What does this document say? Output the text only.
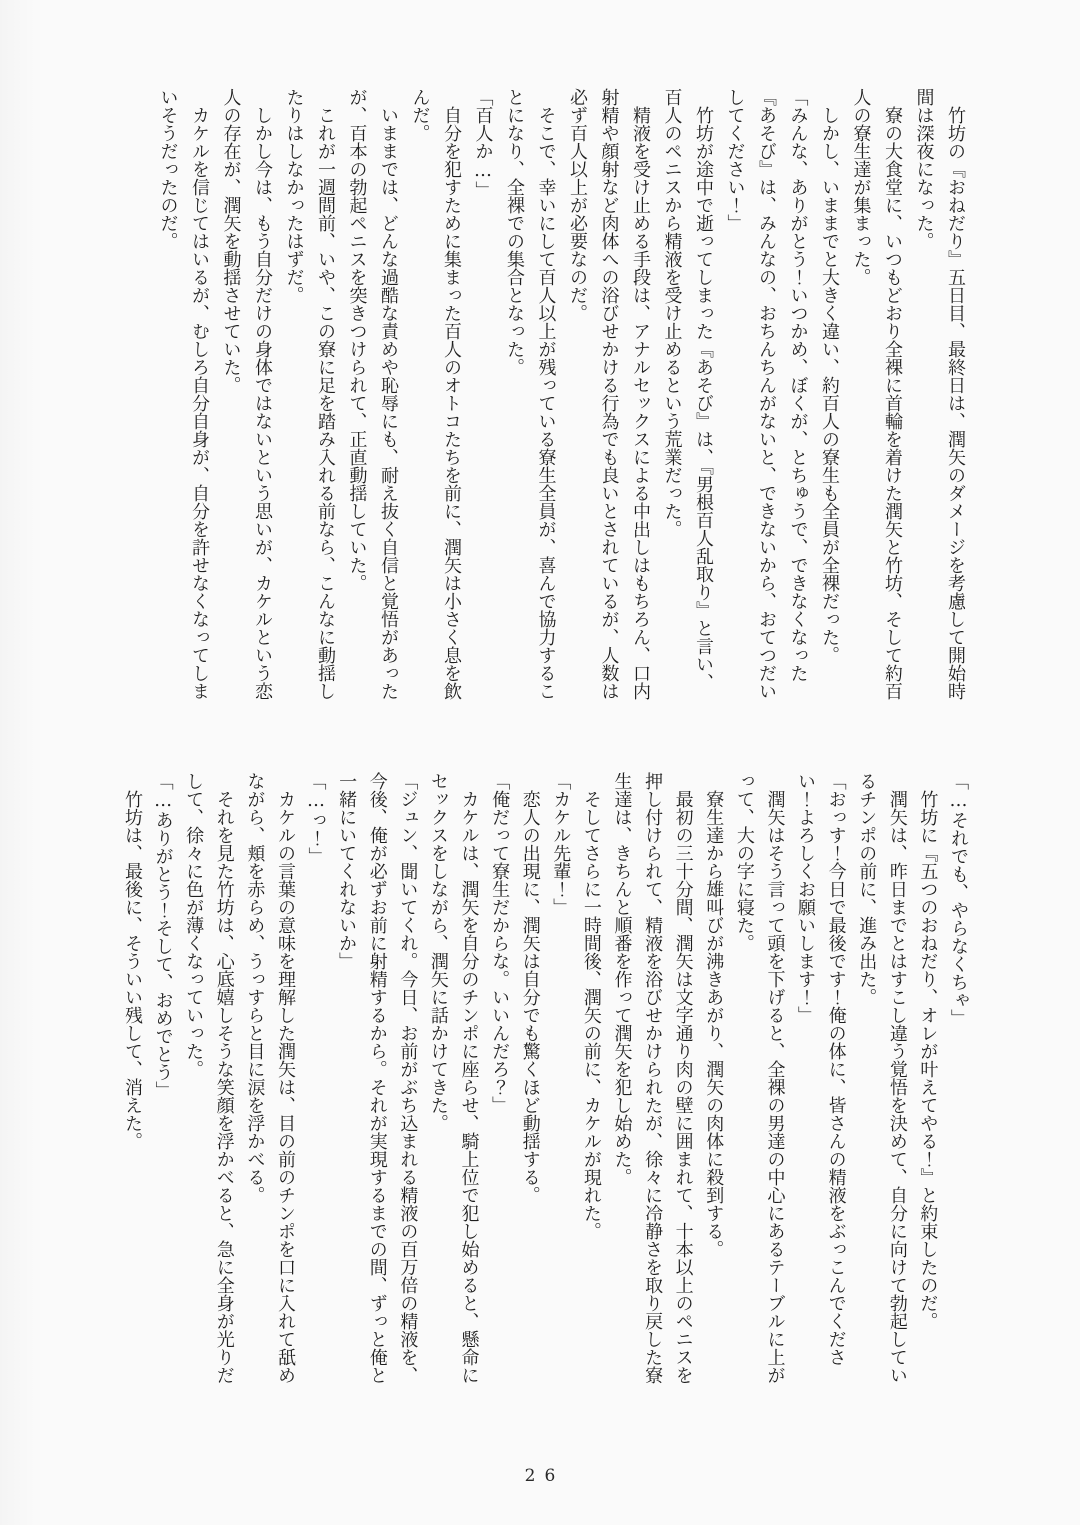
竹坊の『おねだり』五日目、最終日は、潤矢のダメージを考慮して開始時間は深夜になった。

寮の大食堂に、いつもどおり全裸に首輪を着けた潤矢と竹坊、そして約百人の寮生達が集まった。

しかし、いままでと大きく違い、約百人の寮生も全員が全裸だった。

「みんな、ありがとう！いつかめ、ぼくが、とちゅうで、できなくなった『あそび』は、みんなの、おちんちんがないと、できないから、おてつだいしてください！」

竹坊が途中で逝ってしまった『あそび』は、『男根百人乱取り』と言い、百人のペニスから精液を受け止めるという荒業だった。

精液を受け止める手段は、アナルセックスによる中出しはもちろん、口内射精や顔射など肉体への浴びせかける行為でも良いとされているが、人数は必ず百人以上が必要なのだ。

そこで、幸いにして百人以上が残っている寮生全員が、喜んで協力することになり、全裸での集合となった。

「百人か…」

自分を犯すために集まった百人のオトコたちを前に、潤矢は小さく息を飲んだ。

いままでは、どんな過酷な責めや恥辱にも、耐え抜く自信と覚悟があったが、百本の勃起ペニスを突きつけられて、正直動揺していた。

これが一週間前、いや、この寮に足を踏み入れる前なら、こんなに動揺したりはしなかったはずだ。

しかし今は、もう自分だけの身体ではないという思いが、カケルという恋人の存在が、潤矢を動揺させていた。

カケルを信じてはいるが、むしろ自分自身が、自分を許せなくなってしまいそうだったのだ。

「…それでも、やらなくちゃ」

竹坊に『五つのおねだり、オレが叶えてやる！』と約束したのだ。

潤矢は、昨日までとはすこし違う覚悟を決めて、自分に向けて勃起しているチンポの前に、進み出た。

「おっす！今日で最後です！俺の体に、皆さんの精液をぶっこんでください！よろしくお願いします！」

潤矢はそう言って頭を下げると、全裸の男達の中心にあるテーブルに上がって、大の字に寝た。

寮生達から雄叫びが沸きあがり、潤矢の肉体に殺到する。

最初の三十分間、潤矢は文字通り肉の壁に囲まれて、十本以上のペニスを押し付けられて、精液を浴びせかけられたが、徐々に冷静さを取り戻した寮生達は、きちんと順番を作って潤矢を犯し始めた。

そしてさらに一時間後、潤矢の前に、カケルが現れた。

「カケル先輩！」

恋人の出現に、潤矢は自分でも驚くほど動揺する。

「俺だって寮生だからな。いいんだろ？」

カケルは、潤矢を自分のチンポに座らせ、騎上位で犯し始めると、懸命にセックスをしながら、潤矢に話かけてきた。

「ジュン、聞いてくれ。今日、お前がぶち込まれる精液の百万倍の精液を、今後、俺が必ずお前に射精するから。それが実現するまでの間、ずっと俺と一緒にいてくれないか」

「…っ！」

カケルの言葉の意味を理解した潤矢は、目の前のチンポを口に入れて舐めながら、頬を赤らめ、うっすらと目に涙を浮かべる。

それを見た竹坊は、心底嬉しそうな笑顔を浮かべると、急に全身が光りだして、徐々に色が薄くなっていった。

「…ありがとう！そして、おめでとう」

竹坊は、最後に、そういい残して、消えた。

26
